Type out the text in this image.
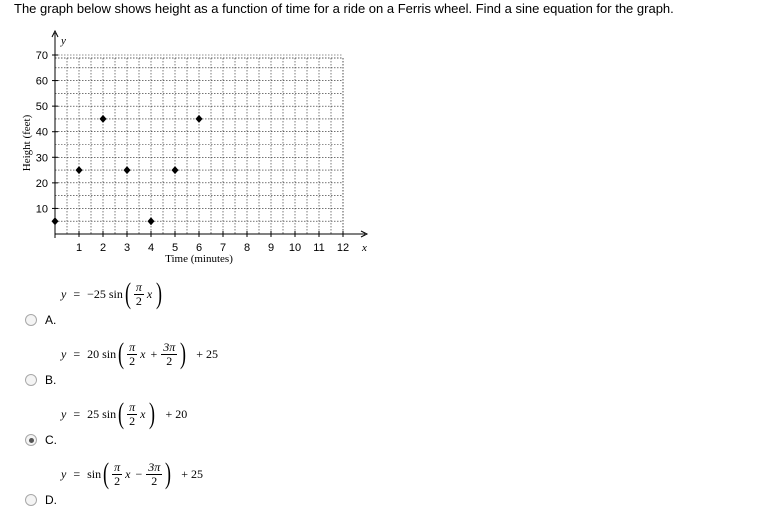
The graph below shows height as a function of time for a ride on a Ferris wheel. Find a sine equation for the graph.
1 2 3 4 5 6 7 8 9 10 11 12
10
20
30
40
50
60
70
Time (minutes)
Height (feet)
x
y
y = −25 sin ( π
2 x )
A.
y = 20 sin ( π
2 $x + \frac{3\pi}{2}$ ) + 25
B.
y = 25 sin ( π
2 x ) + 20
C.
y = sin ( π
2 $x - \frac{3\pi}{2}$ ) + 25
D.
